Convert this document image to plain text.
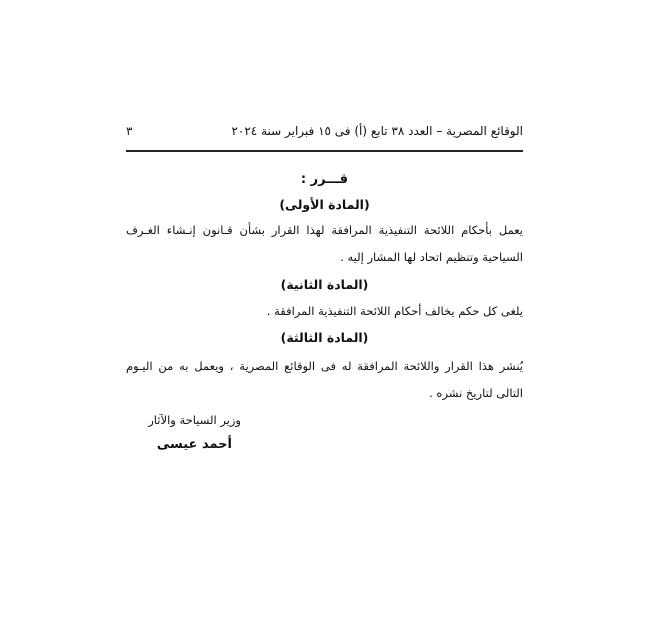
الوقائع المصرية – العدد ٣٨ تابع (أ) فى ١٥ فبراير سنة ٢٠٢٤
٣
قـــرر :
(المادة الأولى)
يعمل بأحكام اللائحة التنفيذية المرافقة لهذا القرار بشأن قـانون إنـشاء الغـرف
السياحية وتنظيم اتحاد لها المشار إليه .
(المادة الثانية)
يلغى كل حكم يخالف أحكام اللائحة التنفيذية المرافقة .
(المادة الثالثة)
يُنشر هذا القرار واللائحة المرافقة له فى الوقائع المصرية ، ويعمل به من اليـوم
التالى لتاريخ نشره .
وزير السياحة والآثار
أحمد عيسى
